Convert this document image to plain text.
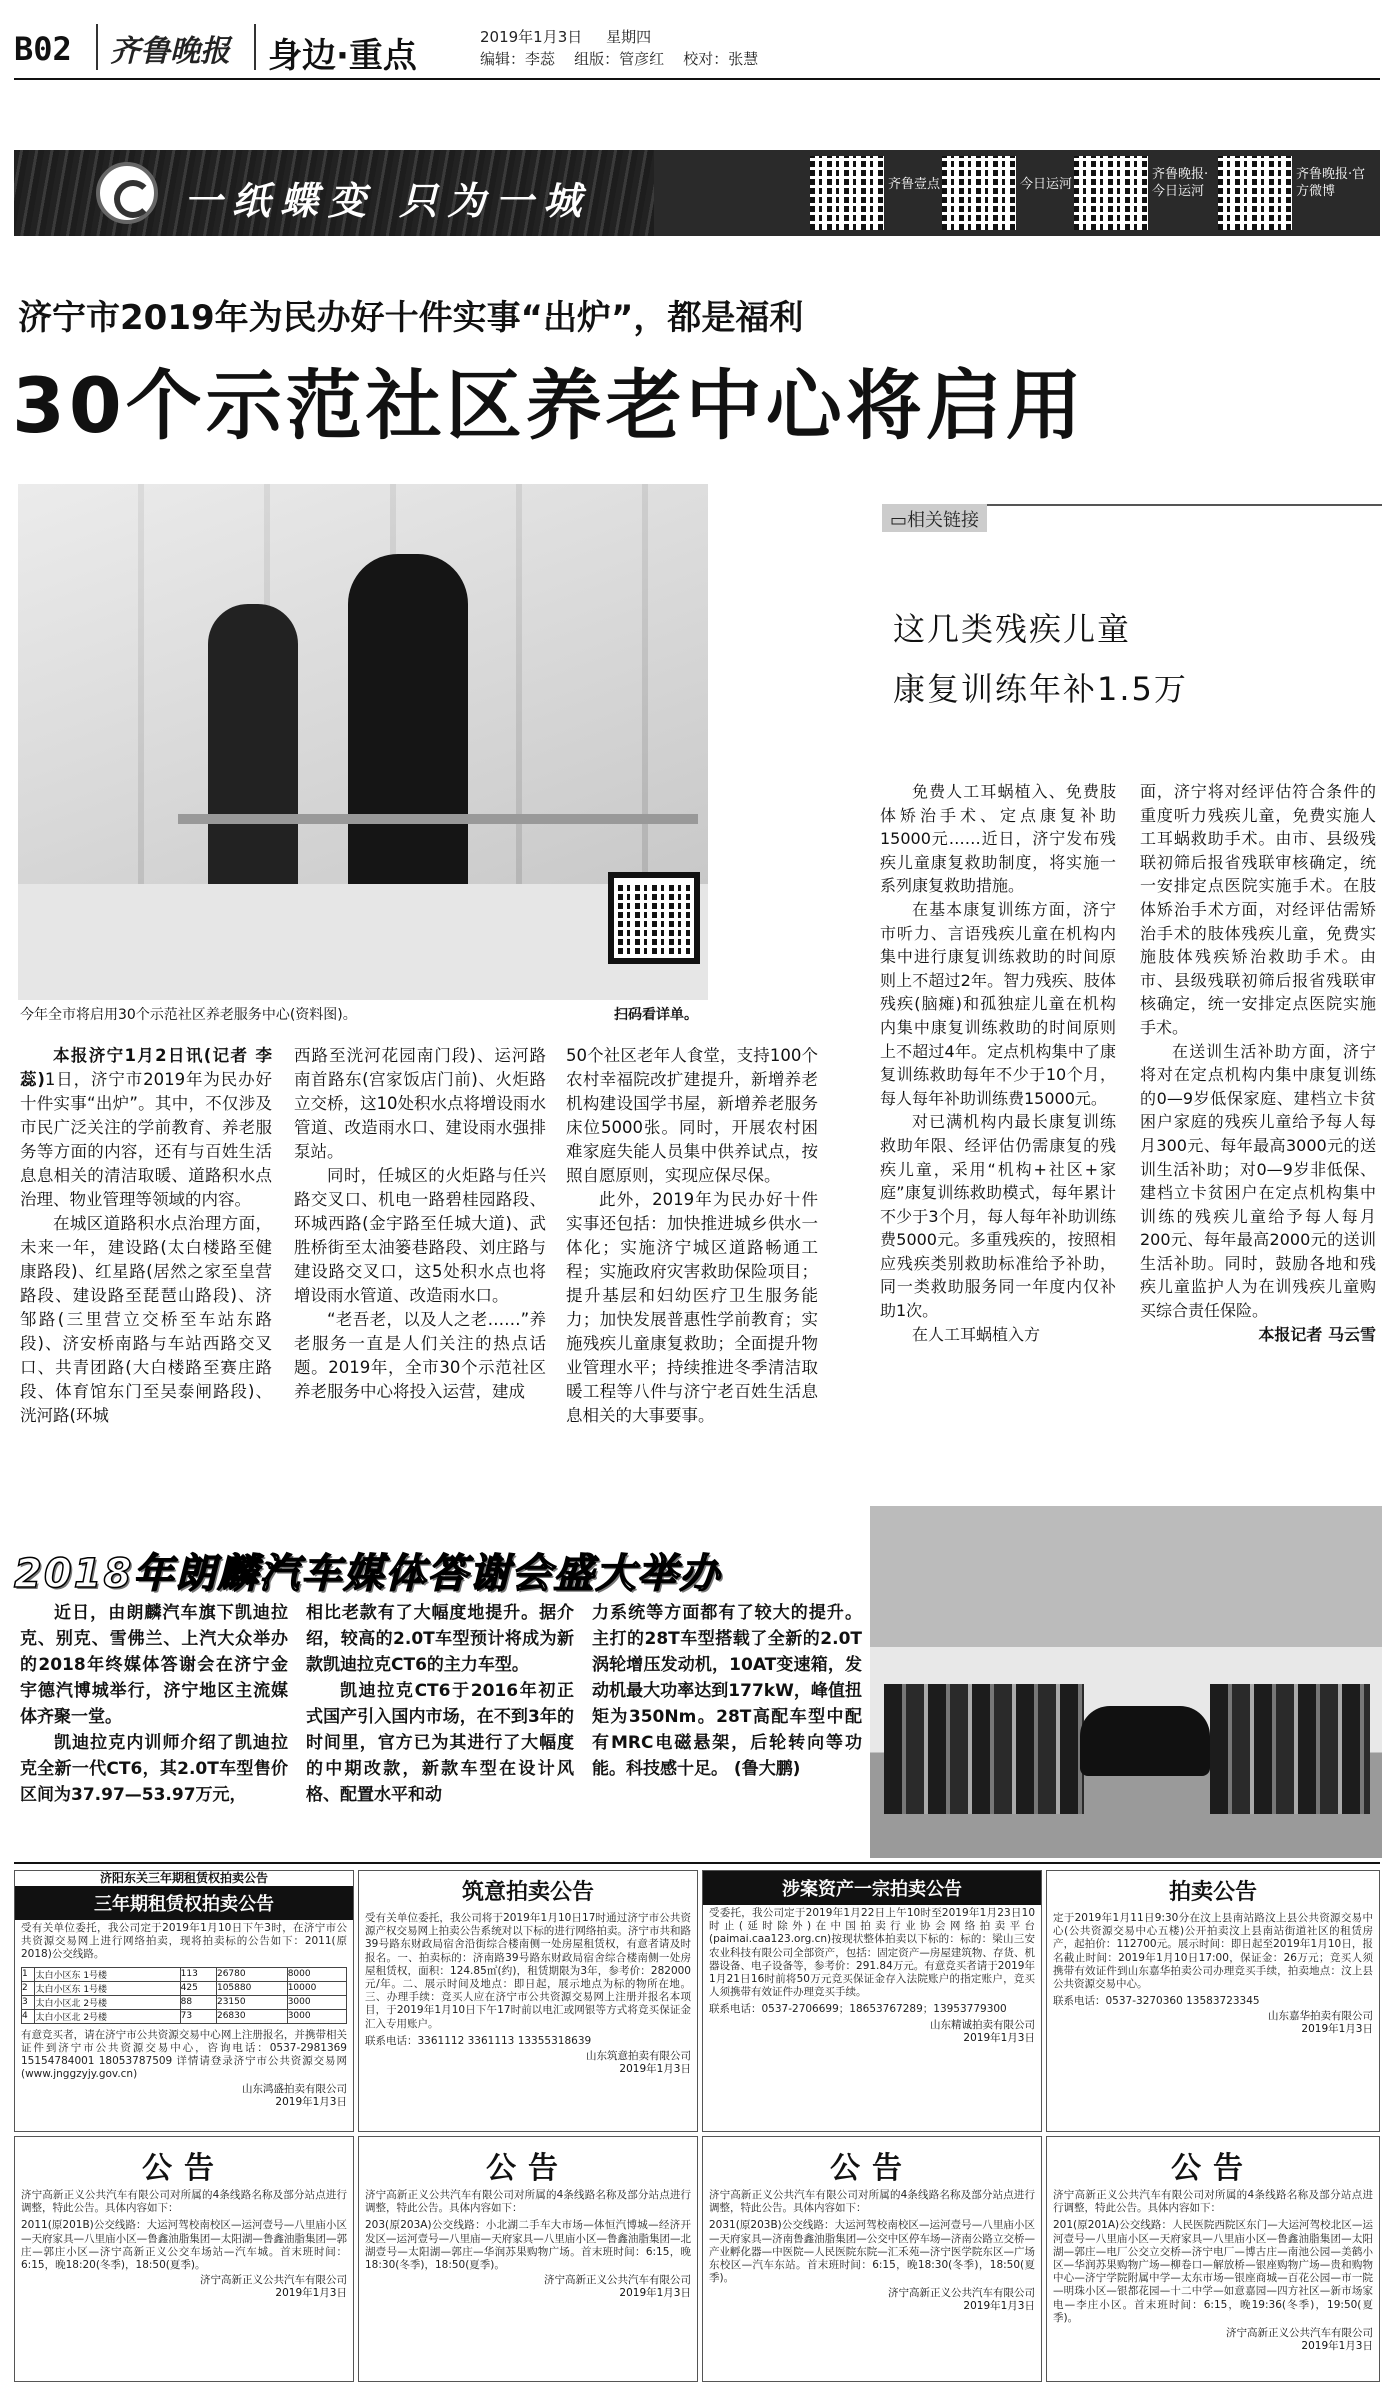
B02 齐鲁晚报 身边·重点	2019年1月3日 星期四
编辑：李蕊 组版：管彦红 校对：张慧
一纸蝶变 只为一城	齐鲁壹点	今日运河
齐鲁晚报·今日运河
齐鲁晚报·官方微博
济宁市2019年为民办好十件实事“出炉”，都是福利
30个示范社区养老中心将启用
今年全市将启用30个示范社区养老服务中心(资料图)。	扫码看详单。

本报济宁1月2日讯(记者 李蕊)1日，济宁市2019年为民办好十件实事“出炉”。其中，不仅涉及市民广泛关注的学前教育、养老服务等方面的内容，还有与百姓生活息息相关的清洁取暖、道路积水点治理、物业管理等领域的内容。

在城区道路积水点治理方面，未来一年，建设路(太白楼路至健康路段)、红星路(居然之家至皇营路段、建设路至琵琶山路段)、济邹路(三里营立交桥至车站东路段)、济安桥南路与车站西路交叉口、共青团路(大白楼路至赛庄路段、体育馆东门至吴泰闸路段)、洸河路(环城

西路至洸河花园南门段)、运河路南首路东(宫家饭店门前)、火炬路立交桥，这10处积水点将增设雨水管道、改造雨水口、建设雨水强排泵站。

同时，任城区的火炬路与任兴路交叉口、机电一路碧桂园路段、环城西路(金宇路至任城大道)、武胜桥街至太油篓巷路段、刘庄路与建设路交叉口，这5处积水点也将增设雨水管道、改造雨水口。

“老吾老，以及人之老……”养老服务一直是人们关注的热点话题。2019年，全市30个示范社区养老服务中心将投入运营，建成

50个社区老年人食堂，支持100个农村幸福院改扩建提升，新增养老机构建设国学书屋，新增养老服务床位5000张。同时，开展农村困难家庭失能人员集中供养试点，按照自愿原则，实现应保尽保。

此外，2019年为民办好十件实事还包括：加快推进城乡供水一体化；实施济宁城区道路畅通工程；实施政府灾害救助保险项目；提升基层和妇幼医疗卫生服务能力；加快发展普惠性学前教育；实施残疾儿童康复救助；全面提升物业管理水平；持续推进冬季清洁取暖工程等八件与济宁老百姓生活息息相关的大事要事。

▭相关链接
这几类残疾儿童
康复训练年补1.5万

免费人工耳蜗植入、免费肢体矫治手术、定点康复补助15000元……近日，济宁发布残疾儿童康复救助制度，将实施一系列康复救助措施。

在基本康复训练方面，济宁市听力、言语残疾儿童在机构内集中进行康复训练救助的时间原则上不超过2年。智力残疾、肢体残疾(脑瘫)和孤独症儿童在机构内集中康复训练救助的时间原则上不超过4年。定点机构集中了康复训练救助每年不少于10个月，每人每年补助训练费15000元。

对已满机构内最长康复训练救助年限、经评估仍需康复的残疾儿童，采用“机构+社区+家庭”康复训练救助模式，每年累计不少于3个月，每人每年补助训练费5000元。多重残疾的，按照相应残疾类别救助标准给予补助，同一类救助服务同一年度内仅补助1次。

在人工耳蜗植入方

面，济宁将对经评估符合条件的重度听力残疾儿童，免费实施人工耳蜗救助手术。由市、县级残联初筛后报省残联审核确定，统一安排定点医院实施手术。在肢体矫治手术方面，对经评估需矫治手术的肢体残疾儿童，免费实施肢体残疾矫治救助手术。由市、县级残联初筛后报省残联审核确定，统一安排定点医院实施手术。

在送训生活补助方面，济宁将对在定点机构内集中康复训练的0—9岁低保家庭、建档立卡贫困户家庭的残疾儿童给予每人每月300元、每年最高3000元的送训生活补助；对0—9岁非低保、建档立卡贫困户在定点机构集中训练的残疾儿童给予每人每月200元、每年最高2000元的送训生活补助。同时，鼓励各地和残疾儿童监护人为在训残疾儿童购买综合责任保险。

本报记者 马云雪

2018年朗麟汽车媒体答谢会盛大举办

近日，由朗麟汽车旗下凯迪拉克、别克、雪佛兰、上汽大众举办的2018年终媒体答谢会在济宁金宇德汽博城举行，济宁地区主流媒体齐聚一堂。

凯迪拉克内训师介绍了凯迪拉克全新一代CT6，其2.0T车型售价区间为37.97—53.97万元，

相比老款有了大幅度地提升。据介绍，较高的2.0T车型预计将成为新款凯迪拉克CT6的主力车型。

凯迪拉克CT6于2016年初正式国产引入国内市场，在不到3年的时间里，官方已为其进行了大幅度的中期改款，新款车型在设计风格、配置水平和动

力系统等方面都有了较大的提升。主打的28T车型搭载了全新的2.0T涡轮增压发动机，10AT变速箱，发动机最大功率达到177kW，峰值扭矩为350Nm。28T高配车型中配有MRC电磁悬架，后轮转向等功能。科技感十足。 (鲁大鹏)

济阳东关三年期租赁权拍卖公告
三年期租赁权拍卖公告
受有关单位委托，我公司定于2019年1月10日下午3时，在济宁市公共资源交易网上进行网络拍卖，现将拍卖标的公告如下：2011(原2018)公交线路。
1	太白小区东 1号楼	113	26780	8000
2	太白小区东 1号楼	425	105880	10000
3	太白小区北 2号楼	88	23150	3000
4	太白小区北 2号楼	73	26830	3000
有意竞买者，请在济宁市公共资源交易中心网上注册报名，并携带相关证件到济宁市公共资源交易中心，咨询电话：0537-2981369 15154784001 18053787509 详情请登录济宁市公共资源交易网 (www.jnggzyjy.gov.cn)
山东鸿盛拍卖有限公司
2019年1月3日
筑意拍卖公告
受有关单位委托，我公司将于2019年1月10日17时通过济宁市公共资源产权交易网上拍卖公告系统对以下标的进行网络拍卖。济宁市共和路39号路东财政局宿舍沿街综合楼南侧一处房屋租赁权，有意者请及时报名。一、拍卖标的：济南路39号路东财政局宿舍综合楼南侧一处房屋租赁权，面积：124.85㎡(约)，租赁期限为3年，参考价：282000元/年。二、展示时间及地点：即日起，展示地点为标的物所在地。三、办理手续：竞买人应在济宁市公共资源交易网上注册并报名本项目，于2019年1月10日下午17时前以电汇或网银等方式将竞买保证金汇入专用账户。
联系电话：3361112 3361113 13355318639
山东筑意拍卖有限公司
2019年1月3日
涉案资产一宗拍卖公告
受委托，我公司定于2019年1月22日上午10时至2019年1月23日10时止(延时除外)在中国拍卖行业协会网络拍卖平台(paimai.caa123.org.cn)按现状整体拍卖以下标的：标的：梁山三安农业科技有限公司全部资产，包括：固定资产—房屋建筑物、存货、机器设备、电子设备等，参考价：291.84万元。有意竞买者请于2019年1月21日16时前将50万元竞买保证金存入法院账户的指定账户，竞买人须携带有效证件办理竞买手续。
联系电话：0537-2706699；18653767289；13953779300
山东精诚拍卖有限公司
2019年1月3日
拍卖公告
定于2019年1月11日9:30分在汶上县南站路汶上县公共资源交易中心(公共资源交易中心五楼)公开拍卖汶上县南站街道社区的租赁房产，起拍价：112700元。展示时间：即日起至2019年1月10日，报名截止时间：2019年1月10日17:00，保证金：26万元；竞买人须携带有效证件到山东嘉华拍卖公司办理竞买手续，拍卖地点：汶上县公共资源交易中心。
联系电话：0537-3270360 13583723345
山东嘉华拍卖有限公司
2019年1月3日
公告
济宁高新正义公共汽车有限公司对所属的4条线路名称及部分站点进行调整，特此公告。具体内容如下：
2011(原201B)公交线路：大运河驾校南校区—运河壹号—八里庙小区—天府家具—八里庙小区—鲁鑫油脂集团—太阳湖—鲁鑫油脂集团—郭庄—郭庄小区—济宁高新正义公交车场站—汽车城。首末班时间：6:15，晚18:20(冬季)，18:50(夏季)。
济宁高新正义公共汽车有限公司
2019年1月3日
公告
济宁高新正义公共汽车有限公司对所属的4条线路名称及部分站点进行调整，特此公告。具体内容如下：
203(原203A)公交线路：小北湖二手车大市场—体恒汽博城—经济开发区—运河壹号—八里庙—天府家具—八里庙小区—鲁鑫油脂集团—北湖壹号—太阳湖—郭庄—华润苏果购物广场。首末班时间：6:15，晚18:30(冬季)，18:50(夏季)。
济宁高新正义公共汽车有限公司
2019年1月3日
公告
济宁高新正义公共汽车有限公司对所属的4条线路名称及部分站点进行调整，特此公告。具体内容如下：
2031(原203B)公交线路：大运河驾校南校区—运河壹号—八里庙小区—天府家具—济南鲁鑫油脂集团—公交中区停车场—济南公路立交桥—产业孵化器—中医院—人民医院东院—汇禾苑—济宁医学院东区—广场东校区—汽车东站。首末班时间：6:15，晚18:30(冬季)，18:50(夏季)。
济宁高新正义公共汽车有限公司
2019年1月3日
公告
济宁高新正义公共汽车有限公司对所属的4条线路名称及部分站点进行调整，特此公告。具体内容如下：
201(原201A)公交线路：人民医院西院区东门—大运河驾校北区—运河壹号—八里庙小区—天府家具—八里庙小区—鲁鑫油脂集团—太阳湖—郭庄—电厂公交立交桥—济宁电厂—博古庄—南池公园—美鹤小区—华润苏果购物广场—柳卷口—解放桥—银座购物广场—贵和购物中心—济宁学院附属中学—太东市场—银座商城—百花公园—市一院—明珠小区—银都花园—十二中学—如意嘉园—四方社区—新市场家电—李庄小区。首末班时间：6:15，晚19:36(冬季)，19:50(夏季)。
济宁高新正义公共汽车有限公司
2019年1月3日
